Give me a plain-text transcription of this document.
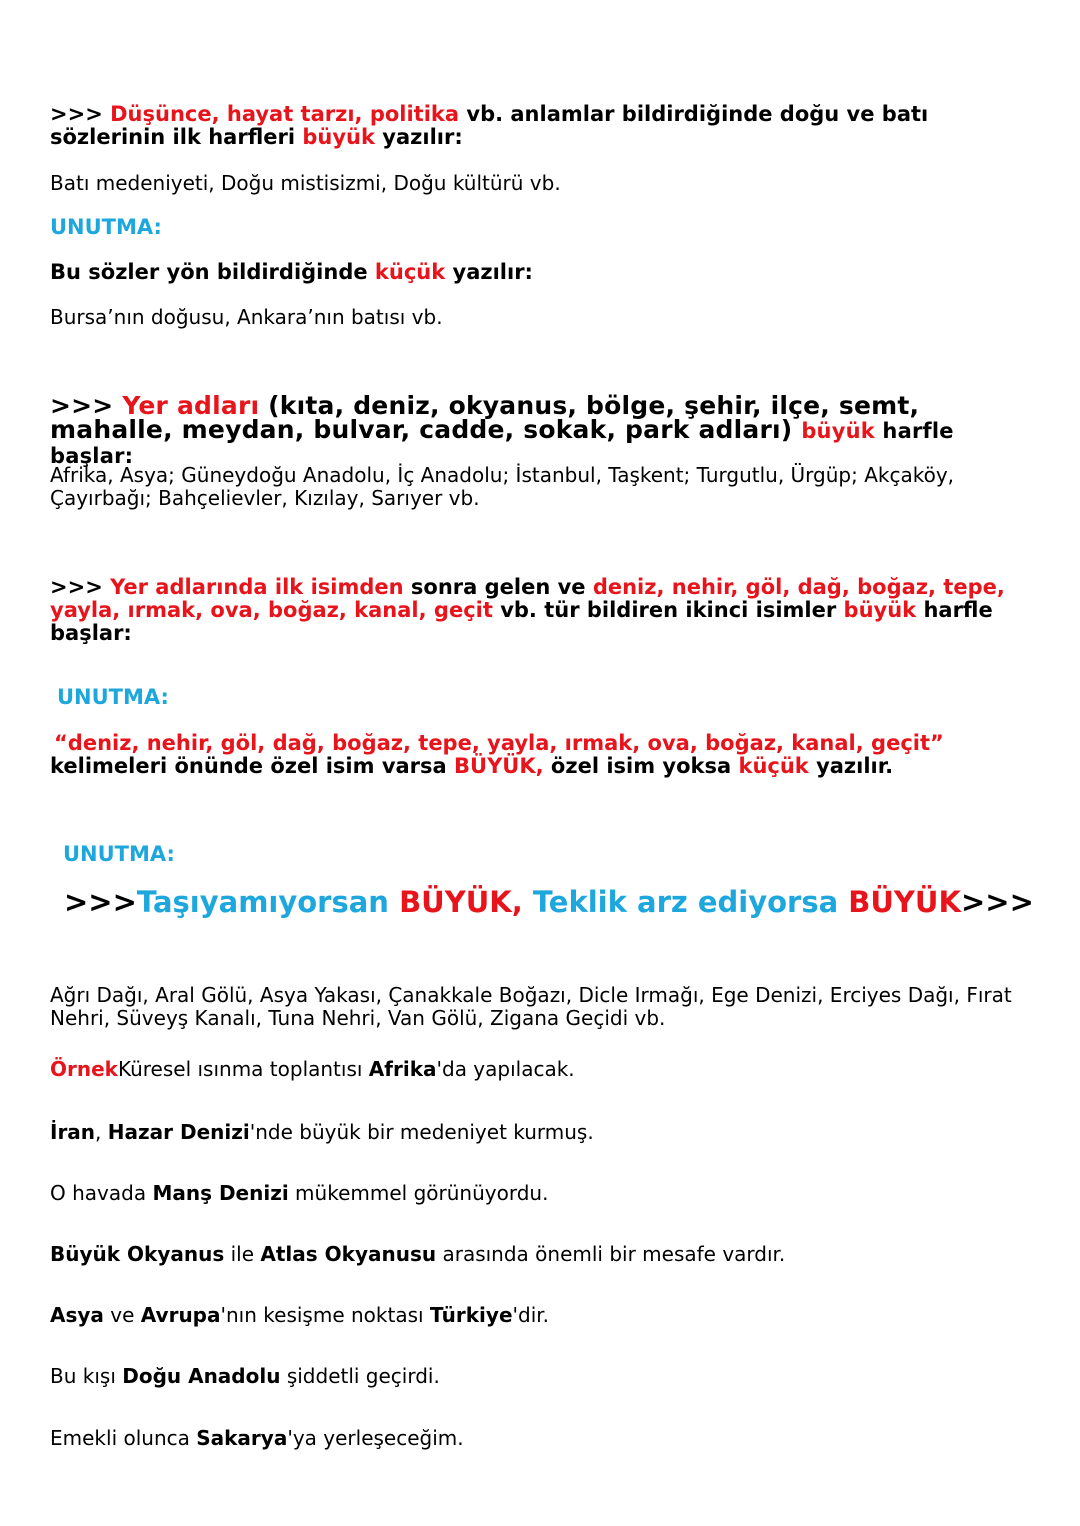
>>> Düşünce, hayat tarzı, politika vb. anlamlar bildirdiğinde doğu ve batı sözlerinin ilk harfleri büyük yazılır:
Batı medeniyeti, Doğu mistisizmi, Doğu kültürü vb.
UNUTMA:
Bu sözler yön bildirdiğinde küçük yazılır:
Bursa’nın doğusu, Ankara’nın batısı vb.
>>> Yer adları (kıta, deniz, okyanus, bölge, şehir, ilçe, semt, mahalle, meydan, bulvar, cadde, sokak, park adları) büyük harfle başlar:
Afrika, Asya; Güneydoğu Anadolu, İç Anadolu; İstanbul, Taşkent; Turgutlu, Ürgüp; Akçaköy, Çayırbağı; Bahçelievler, Kızılay, Sarıyer vb.
>>> Yer adlarında ilk isimden sonra gelen ve deniz, nehir, göl, dağ, boğaz, tepe, yayla, ırmak, ova, boğaz, kanal, geçit vb. tür bildiren ikinci isimler büyük harfle başlar:
UNUTMA:
“deniz, nehir, göl, dağ, boğaz, tepe, yayla, ırmak, ova, boğaz, kanal, geçit” kelimeleri önünde özel isim varsa BÜYÜK, özel isim yoksa küçük yazılır.
UNUTMA:
>>>Taşıyamıyorsan BÜYÜK, Teklik arz ediyorsa BÜYÜK>>>
Ağrı Dağı, Aral Gölü, Asya Yakası, Çanakkale Boğazı, Dicle Irmağı, Ege Denizi, Erciyes Dağı, Fırat Nehri, Süveyş Kanalı, Tuna Nehri, Van Gölü, Zigana Geçidi vb.
ÖrnekKüresel ısınma toplantısı Afrika'da yapılacak.
İran, Hazar Denizi'nde büyük bir medeniyet kurmuş.
O havada Manş Denizi mükemmel görünüyordu.
Büyük Okyanus ile Atlas Okyanusu arasında önemli bir mesafe vardır.
Asya ve Avrupa'nın kesişme noktası Türkiye'dir.
Bu kışı Doğu Anadolu şiddetli geçirdi.
Emekli olunca Sakarya'ya yerleşeceğim.
